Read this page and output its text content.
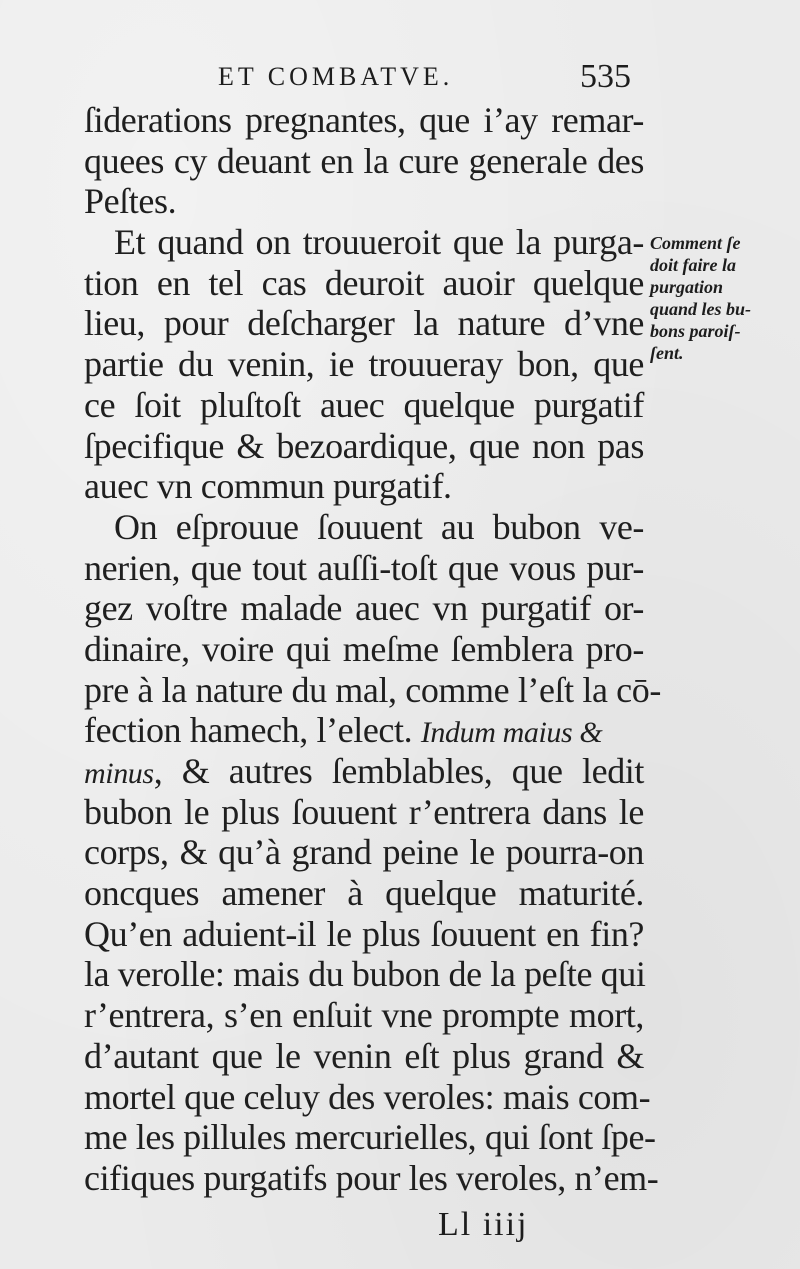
ET COMBATVE.	535
ſiderations pregnantes, que i’ay remar-
quees cy deuant en la cure generale des
Peſtes.
Et quand on trouueroit que la purga-
tion en tel cas deuroit auoir quelque
lieu, pour deſcharger la nature d’vne
partie du venin, ie trouueray bon, que
ce ſoit pluſtoſt auec quelque purgatif
ſpecifique & bezoardique, que non pas
auec vn commun purgatif.
On eſprouue ſouuent au bubon ve-
nerien, que tout auſſi-toſt que vous pur-
gez voſtre malade auec vn purgatif or-
dinaire, voire qui meſme ſemblera pro-
pre à la nature du mal, comme l’eſt la cō-
fection hamech, l’elect. Indum maius &
minus, & autres ſemblables, que ledit
bubon le plus ſouuent r’entrera dans le
corps, & qu’à grand peine le pourra-on
oncques amener à quelque maturité.
Qu’en aduient-il le plus ſouuent en fin?
la verolle: mais du bubon de la peſte qui
r’entrera, s’en enſuit vne prompte mort,
d’autant que le venin eſt plus grand &
mortel que celuy des veroles: mais com-
me les pillules mercurielles, qui ſont ſpe-
cifiques purgatifs pour les veroles, n’em-
Comment ſe
doit faire la
purgation
quand les bu-
bons paroiſ-
ſent.
Ll iiij
